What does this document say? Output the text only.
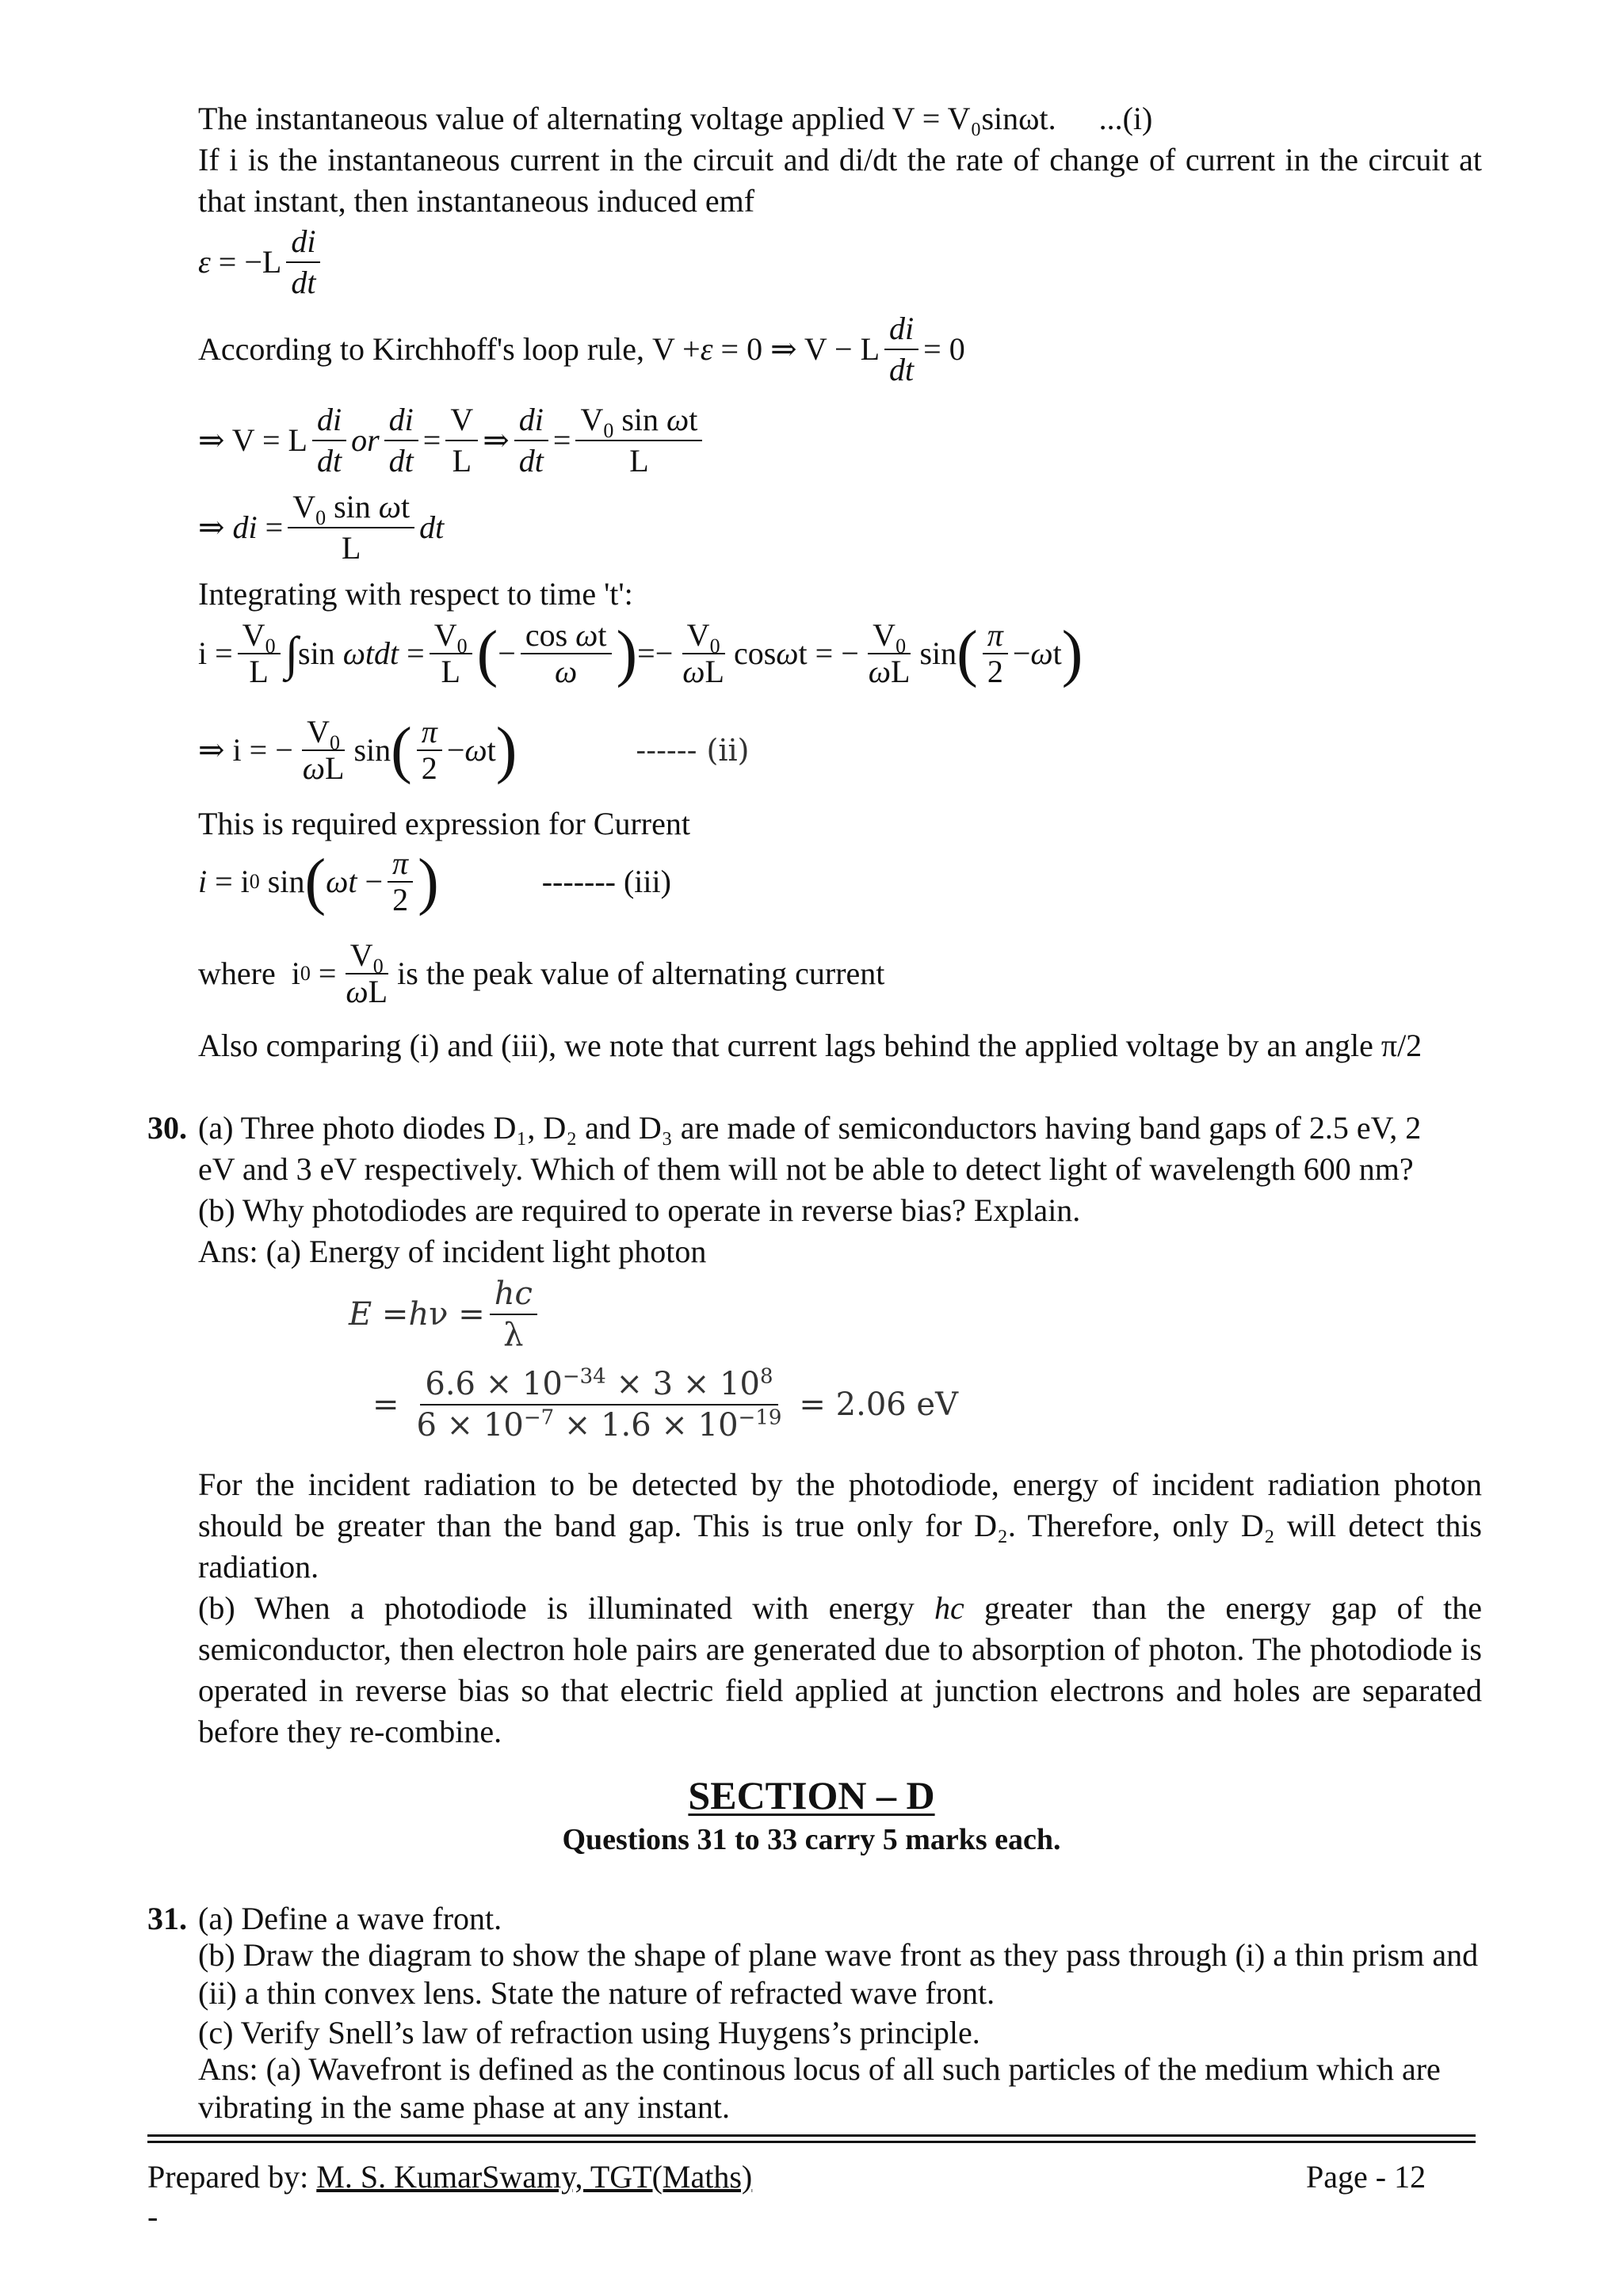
The instantaneous value of alternating voltage applied V = V₀sinωt. ...(i)
If i is the instantaneous current in the circuit and di/dt the rate of change of current in the circuit at that instant, then instantaneous induced emf
$\varepsilon = -L \frac{di}{dt}$
According to Kirchhoff's loop rule, V + ε = 0 ⇒ V − L $\frac{di}{dt} = 0$
⇒ V = L $\frac{di}{dt}$ or $\frac{di}{dt} = \frac{V}{L}$ ⇒ $\frac{di}{dt} = \frac{V_0 \sin \omega t}{L}$
⇒ di = $\frac{V_0 \sin \omega t}{L}$ dt
Integrating with respect to time 't':
$i = \frac{V_0}{L}$ ∫ $\sin \omega tdt = \frac{V_0}{L}$ ( − $\frac{\text{cos ωt}}{\omega}$ ) =− $\frac{V_0}{\omega L}$ cos ω t = − $\frac{V_0}{\omega L}$ sin ( $\frac{\pi}{2} - \omega$ t )
⇒ i = − $\frac{V_0}{\omega L}$ sin ( $\frac{\pi}{2} - \omega$ t )	------ (ii)
This is required expression for Current
i = i 0 sin ( $\omega t - \frac{\pi}{2}$ )	------- (iii)
where i $0 = \frac{V_0}{\omega L}$ is the peak value of alternating current
Also comparing (i) and (iii), we note that current lags behind the applied voltage by an angle π/2
30. (a) Three photo diodes D₁, D₂ and D₃ are made of semiconductors having band gaps of 2.5 eV, 2
eV and 3 eV respectively. Which of them will not be able to detect light of wavelength 600 nm?
(b) Why photodiodes are required to operate in reverse bias? Explain.
Ans: (a) Energy of incident light photon
E = h $\nu = \frac{hc}{\lambda}$
= $\frac{6.6 \times 10^{-34} \times 3 \times 10^8}{6 \times 10^{-7} \times 1.6 \times 10^{-19}} = 2.06$ eV
For the incident radiation to be detected by the photodiode, energy of incident radiation photon should be greater than the band gap. This is true only for D₂. Therefore, only D₂ will detect this radiation.
(b) When a photodiode is illuminated with energy hc greater than the energy gap of the semiconductor, then electron hole pairs are generated due to absorption of photon. The photodiode is operated in reverse bias so that electric field applied at junction electrons and holes are separated before they re-combine.
SECTION – D
Questions 31 to 33 carry 5 marks each.
31. (a) Define a wave front.
(b) Draw the diagram to show the shape of plane wave front as they pass through (i) a thin prism and (ii) a thin convex lens. State the nature of refracted wave front.
(c) Verify Snell’s law of refraction using Huygens’s principle.
Ans: (a) Wavefront is defined as the continous locus of all such particles of the medium which are vibrating in the same phase at any instant.
Prepared by: M. S. KumarSwamy, TGT(Maths)	Page - 12
-
